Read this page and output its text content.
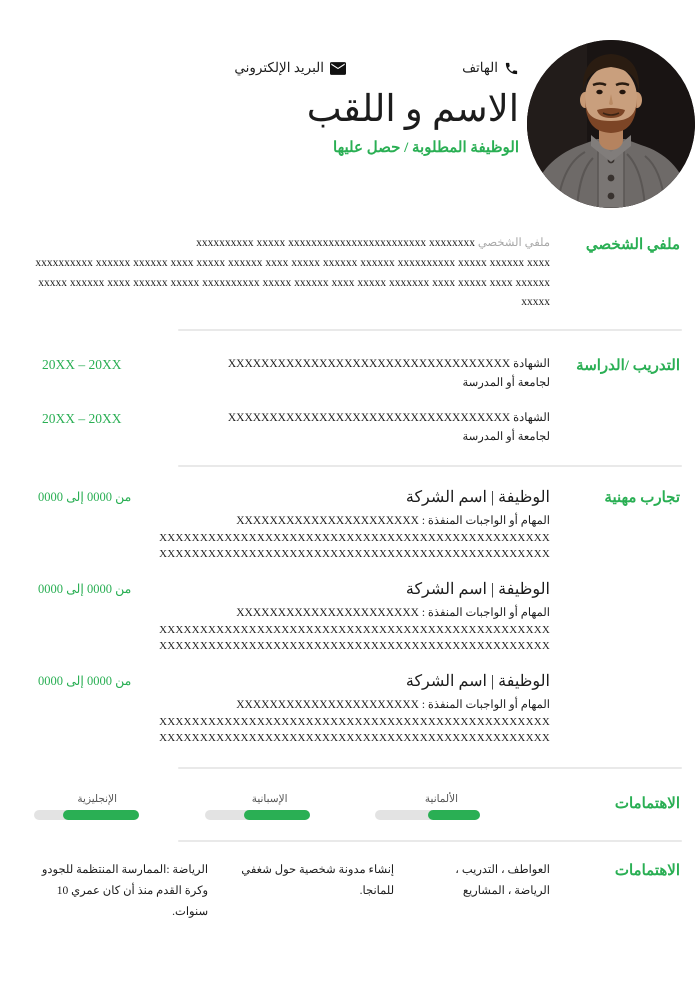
الهاتف
البريد الإلكتروني
الاسم و اللقب
الوظيفة المطلوبة / حصل عليها
ملفي الشخصي
ملفي الشخصي xxxxxxxxxx xxxxx xxxxxxxxxxxxxxxxxxxxxxxx xxxxxxxx
xxxxxxxxxx xxxxxx xxxxxx xxxx xxxxx xxxxxx xxxx xxxxx xxxxxx xxxxxx xxxxxxxxxx xxxxx xxxxxx xxxx xxxxx xxxxxx xxxx xxxxxx xxxxx xxxxxxxxxx xxxxx xxxxxx xxxx xxxxx xxxxxxx xxxx xxxxx xxxx xxxxxx xxxxx
التدريب /الدراسة
الشهادة XXXXXXXXXXXXXXXXXXXXXXXXXXXXXXXXXX
لجامعة أو المدرسة
20XX – 20XX
الشهادة XXXXXXXXXXXXXXXXXXXXXXXXXXXXXXXXXX
لجامعة أو المدرسة
20XX – 20XX
تجارب مهنية
الوظيفة | اسم الشركة
المهام أو الواجبات المنفذة : XXXXXXXXXXXXXXXXXXXXXX
XXXXXXXXXXXXXXXXXXXXXXXXXXXXXXXXXXXXXXXXXXXXXXXX
XXXXXXXXXXXXXXXXXXXXXXXXXXXXXXXXXXXXXXXXXXXXXXXX
من 0000 إلى 0000
الوظيفة | اسم الشركة
المهام أو الواجبات المنفذة : XXXXXXXXXXXXXXXXXXXXXX
XXXXXXXXXXXXXXXXXXXXXXXXXXXXXXXXXXXXXXXXXXXXXXXX
XXXXXXXXXXXXXXXXXXXXXXXXXXXXXXXXXXXXXXXXXXXXXXXX
من 0000 إلى 0000
الوظيفة | اسم الشركة
المهام أو الواجبات المنفذة : XXXXXXXXXXXXXXXXXXXXXX
XXXXXXXXXXXXXXXXXXXXXXXXXXXXXXXXXXXXXXXXXXXXXXXX
XXXXXXXXXXXXXXXXXXXXXXXXXXXXXXXXXXXXXXXXXXXXXXXX
من 0000 إلى 0000
الاهتمامات
الألمانية
الإسبانية
الإنجليزية
الاهتمامات
العواطف ، التدريب ، الرياضة ، المشاريع
إنشاء مدونة شخصية حول شغفي للمانجا.
الرياضة :الممارسة المنتظمة للجودو وكرة القدم منذ أن كان عمري 10 سنوات.
